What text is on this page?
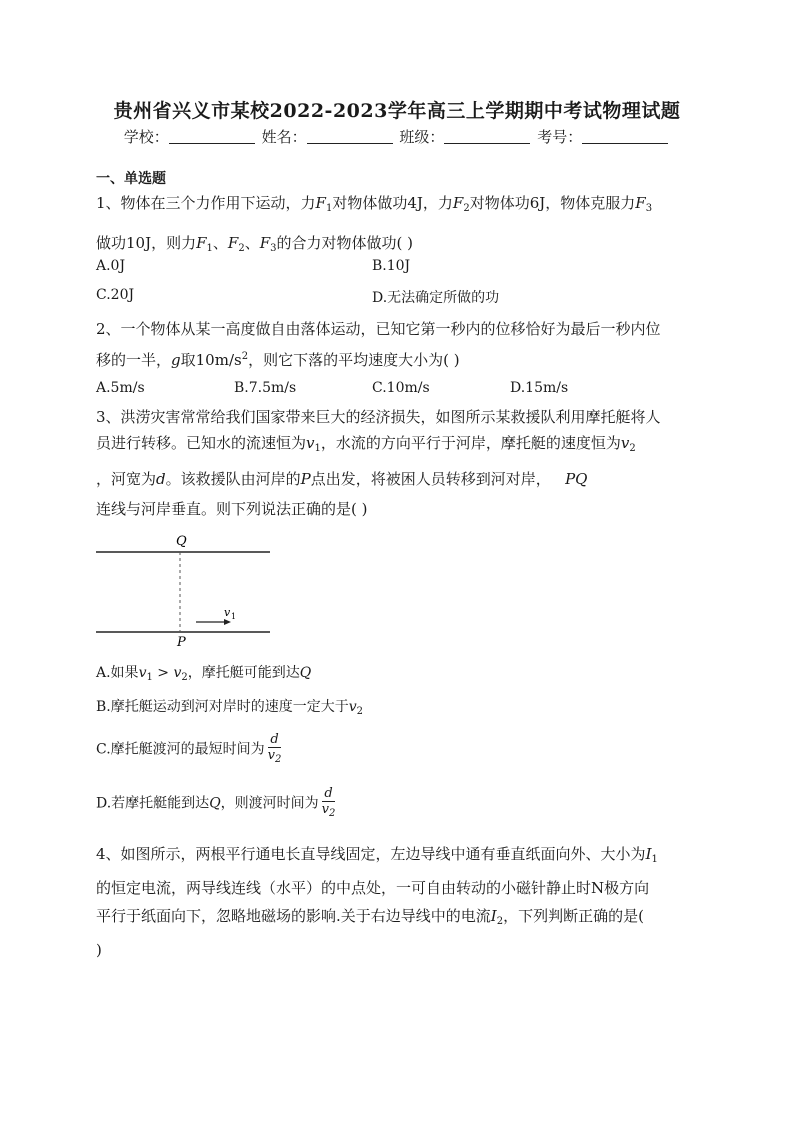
贵州省兴义市某校2022-2023学年高三上学期期中考试物理试题
学校：	姓名：	班级：	考号：
一、单选题
1、物体在三个力作用下运动，力$F_1$对物体做功4J，力$F_2$对物体功6J，物体克服力$F_3$
做功10J，则力$F_1$、$F_2$、$F_3$的合力对物体做功( )
A.0J	B.10J
C.20J	D.无法确定所做的功
2、一个物体从某一高度做自由落体运动，已知它第一秒内的位移恰好为最后一秒内位
移的一半，g取$10m/s^2$，则它下落的平均速度大小为( )
A.5m/s	B.7.5m/s	C.10m/s	D.15m/s
3、洪涝灾害常常给我们国家带来巨大的经济损失，如图所示某救援队利用摩托艇将人
员进行转移。已知水的流速恒为$v_1$，水流的方向平行于河岸，摩托艇的速度恒为$v_2$
，河宽为d。该救援队由河岸的P点出发，将被困人员转移到河对岸， PQ
连线与河岸垂直。则下列说法正确的是( )
Q
P
v 1
A.如果$v_1 > v_2$，摩托艇可能到达Q
B.摩托艇运动到河对岸时的速度一定大于$v_2$
C.摩托艇渡河的最短时间为 $\frac{d}{v_2}$
D.若摩托艇能到达Q，则渡河时间为 $\frac{d}{v_2}$
4、如图所示，两根平行通电长直导线固定，左边导线中通有垂直纸面向外、大小为$I_1$
的恒定电流，两导线连线（水平）的中点处，一可自由转动的小磁针静止时N极方向
平行于纸面向下，忽略地磁场的影响.关于右边导线中的电流$I_2$，下列判断正确的是(
)
